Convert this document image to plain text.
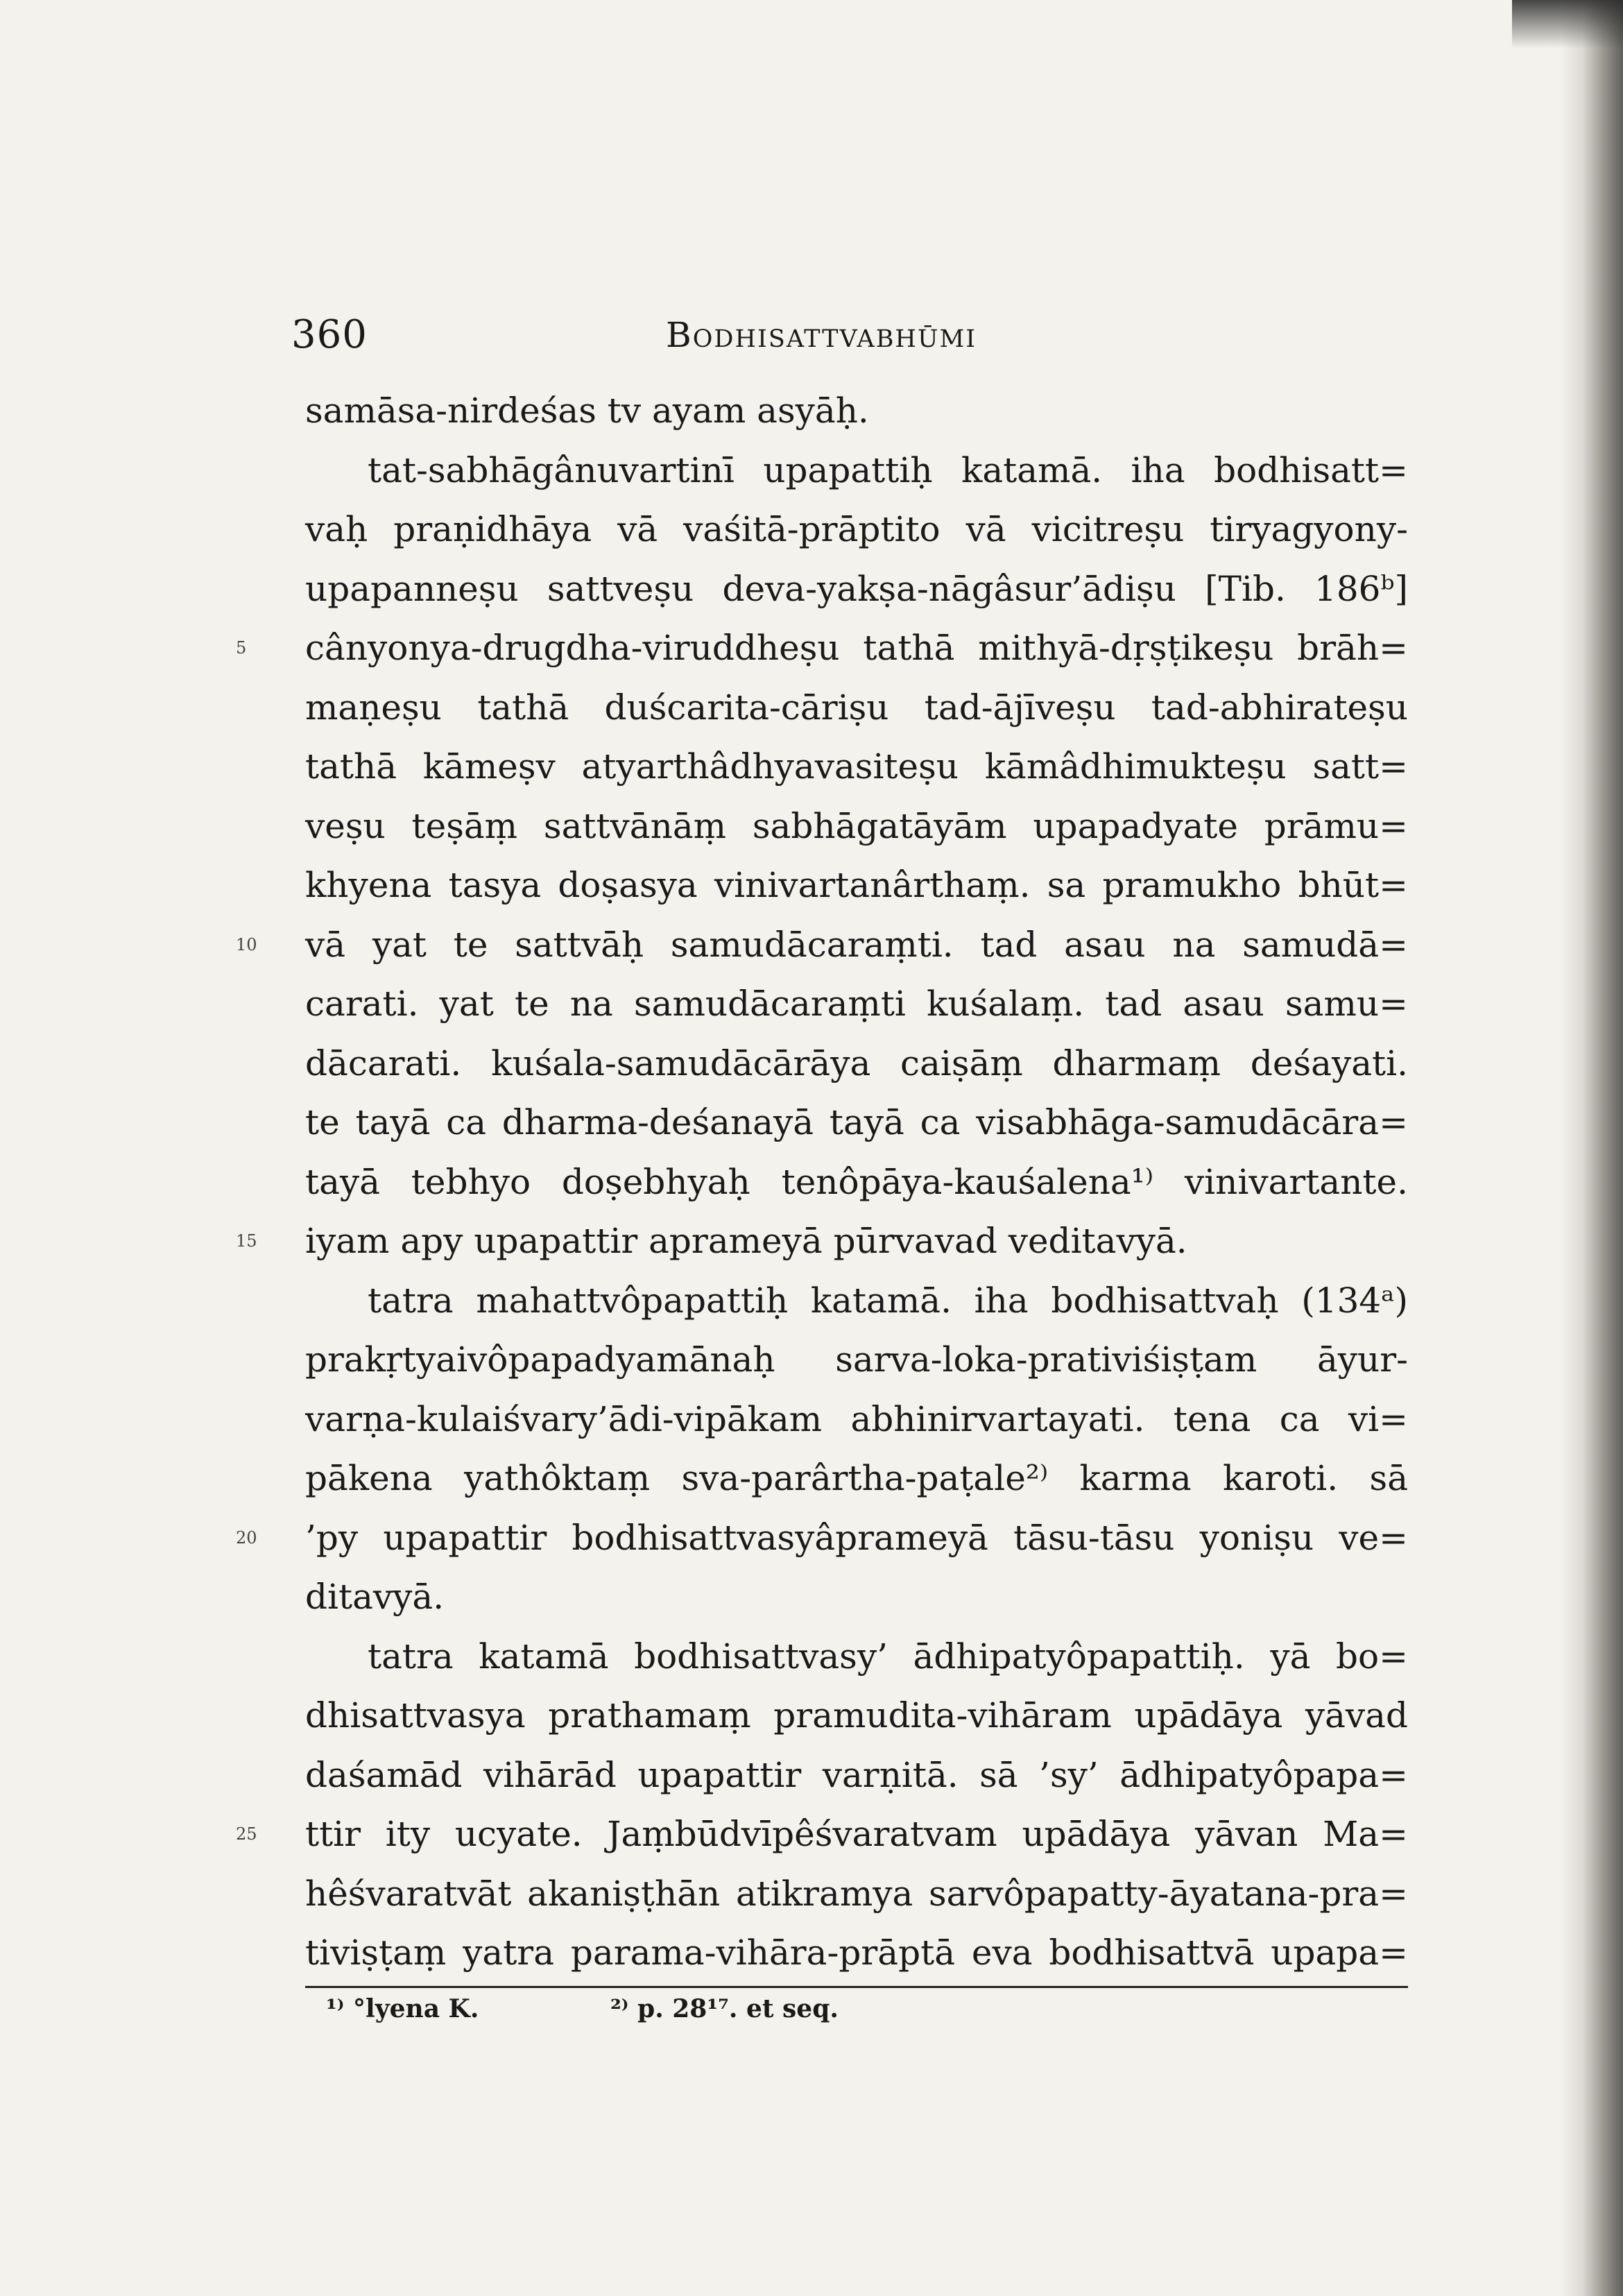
360	Bodhisattvabhūmi
samāsa-nirdeśas tv ayam asyāḥ.
tat-sabhāgânuvartinī upapattiḥ katamā. iha bodhisatt=
vaḥ praṇidhāya vā vaśitā-prāptito vā vicitreṣu tiryagyony-
upapanneṣu sattveṣu deva-yakṣa-nāgâsur’ādiṣu [Tib. 186ᵇ]
5	cânyonya-drugdha-viruddheṣu tathā mithyā-dṛṣṭikeṣu brāh=
maṇeṣu tathā duścarita-cāriṣu tad-ājīveṣu tad-abhirateṣu
tathā kāmeṣv atyarthâdhyavasiteṣu kāmâdhimukteṣu satt=
veṣu teṣāṃ sattvānāṃ sabhāgatāyām upapadyate prāmu=
khyena tasya doṣasya vinivartanârthaṃ. sa pramukho bhūt=
10	vā yat te sattvāḥ samudācaraṃti. tad asau na samudā=
carati. yat te na samudācaraṃti kuśalaṃ. tad asau samu=
dācarati. kuśala-samudācārāya caiṣāṃ dharmaṃ deśayati.
te tayā ca dharma-deśanayā tayā ca visabhāga-samudācāra=
tayā tebhyo doṣebhyaḥ tenôpāya-kauśalena¹⁾ vinivartante.
15	iyam apy upapattir aprameyā pūrvavad veditavyā.
tatra mahattvôpapattiḥ katamā. iha bodhisattvaḥ (134ᵃ)
prakṛtyaivôpapadyamānaḥ sarva-loka-prativiśiṣṭam āyur-
varṇa-kulaiśvary’ādi-vipākam abhinirvartayati. tena ca vi=
pākena yathôktaṃ sva-parârtha-paṭale²⁾ karma karoti. sā
20	’py upapattir bodhisattvasyâprameyā tāsu-tāsu yoniṣu ve=
ditavyā.
tatra katamā bodhisattvasy’ ādhipatyôpapattiḥ. yā bo=
dhisattvasya prathamaṃ pramudita-vihāram upādāya yāvad
daśamād vihārād upapattir varṇitā. sā ’sy’ ādhipatyôpapa=
25	ttir ity ucyate. Jaṃbūdvīpêśvaratvam upādāya yāvan Ma=
hêśvaratvāt akaniṣṭhān atikramya sarvôpapatty-āyatana-pra=
tiviṣṭaṃ yatra parama-vihāra-prāptā eva bodhisattvā upapa=
¹⁾ °lyena K.	²⁾ p. 28¹⁷. et seq.
